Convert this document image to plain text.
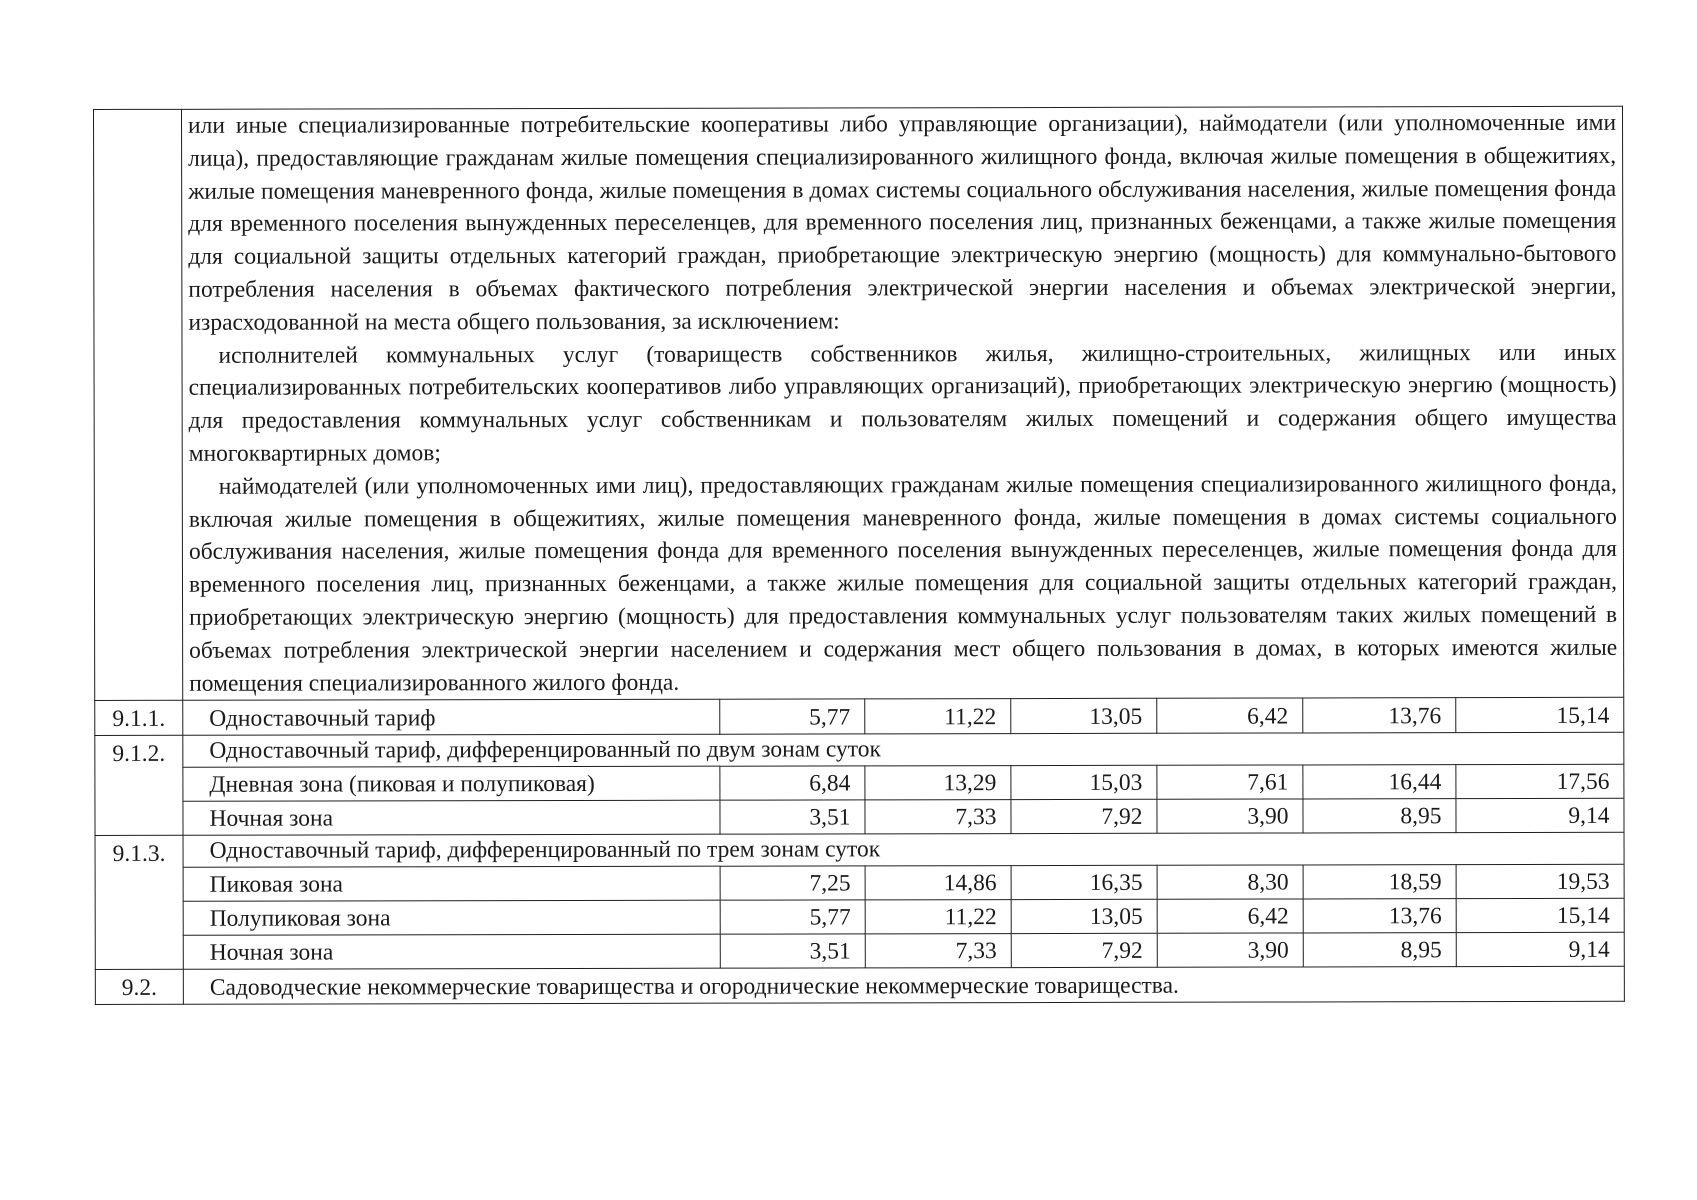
	или иные специализированные потребительские кооперативы либо управляющие организации), наймодатели (или уполномоченные ими лица), предоставляющие гражданам жилые помещения специализированного жилищного фонда, включая жилые помещения в общежитиях, жилые помещения маневренного фонда, жилые помещения в домах системы социального обслуживания населения, жилые помещения фонда для временного поселения вынужденных переселенцев, для временного поселения лиц, признанных беженцами, а также жилые помещения для социальной защиты отдельных категорий граждан, приобретающие электрическую энергию (мощность) для коммунально-бытового потребления населения в объемах фактического потребления электрической энергии населения и объемах электрической энергии, израсходованной на места общего пользования, за исключением:

исполнителей коммунальных услуг (товариществ собственников жилья, жилищно-строительных, жилищных или иных специализированных потребительских кооперативов либо управляющих организаций), приобретающих электрическую энергию (мощность) для предоставления коммунальных услуг собственникам и пользователям жилых помещений и содержания общего имущества многоквартирных домов;

наймодателей (или уполномоченных ими лиц), предоставляющих гражданам жилые помещения специализированного жилищного фонда, включая жилые помещения в общежитиях, жилые помещения маневренного фонда, жилые помещения в домах системы социального обслуживания населения, жилые помещения фонда для временного поселения вынужденных переселенцев, жилые помещения фонда для временного поселения лиц, признанных беженцами, а также жилые помещения для социальной защиты отдельных категорий граждан, приобретающих электрическую энергию (мощность) для предоставления коммунальных услуг пользователям таких жилых помещений в объемах потребления электрической энергии населением и содержания мест общего пользования в домах, в которых имеются жилые помещения специализированного жилого фонда.						

9.1.1.	Одноставочный тариф	5,77	11,22	13,05	6,42	13,76	15,14
9.1.2.	Одноставочный тариф, дифференцированный по двум зонам суток						
	Дневная зона (пиковая и полупиковая)	6,84	13,29	15,03	7,61	16,44	17,56
	Ночная зона	3,51	7,33	7,92	3,90	8,95	9,14
9.1.3.	Одноставочный тариф, дифференцированный по трем зонам суток						
	Пиковая зона	7,25	14,86	16,35	8,30	18,59	19,53
	Полупиковая зона	5,77	11,22	13,05	6,42	13,76	15,14
	Ночная зона	3,51	7,33	7,92	3,90	8,95	9,14
9.2.	Садоводческие некоммерческие товарищества и огороднические некоммерческие товарищества.						
